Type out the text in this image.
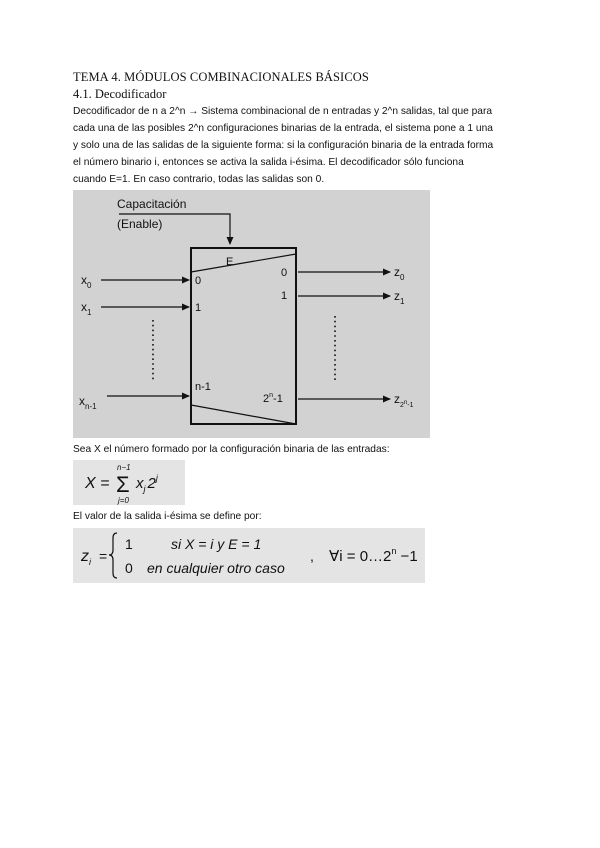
TEMA 4. MÓDULOS COMBINACIONALES BÁSICOS
4.1. Decodificador
Decodificador de n a 2^n → Sistema combinacional de n entradas y 2^n salidas, tal que para
cada una de las posibles 2^n configuraciones binarias de la entrada, el sistema pone a 1 una
y solo una de las salidas de la siguiente forma: si la configuración binaria de la entrada forma
el número binario i, entonces se activa la salida i-ésima. El decodificador sólo funciona
cuando E=1. En caso contrario, todas las salidas son 0.
Capacitación
(Enable)
E
$x_0$
$x_1$
$x_{n-1}$
0
1
n-1
0
1
2$^n$-1
$z_0$
$z_1$
$z_2^n_{-1}$
Sea X el número formado por la configuración binaria de las entradas:
X =
n−1
Σ
j=0
$x_j$ 2$^j$
El valor de la salida i-ésima se define por:
$z_i$ =
1	si X = i y E = 1
0 en cualquier otro caso
, ∀i = $0\dots 2^n -1$
